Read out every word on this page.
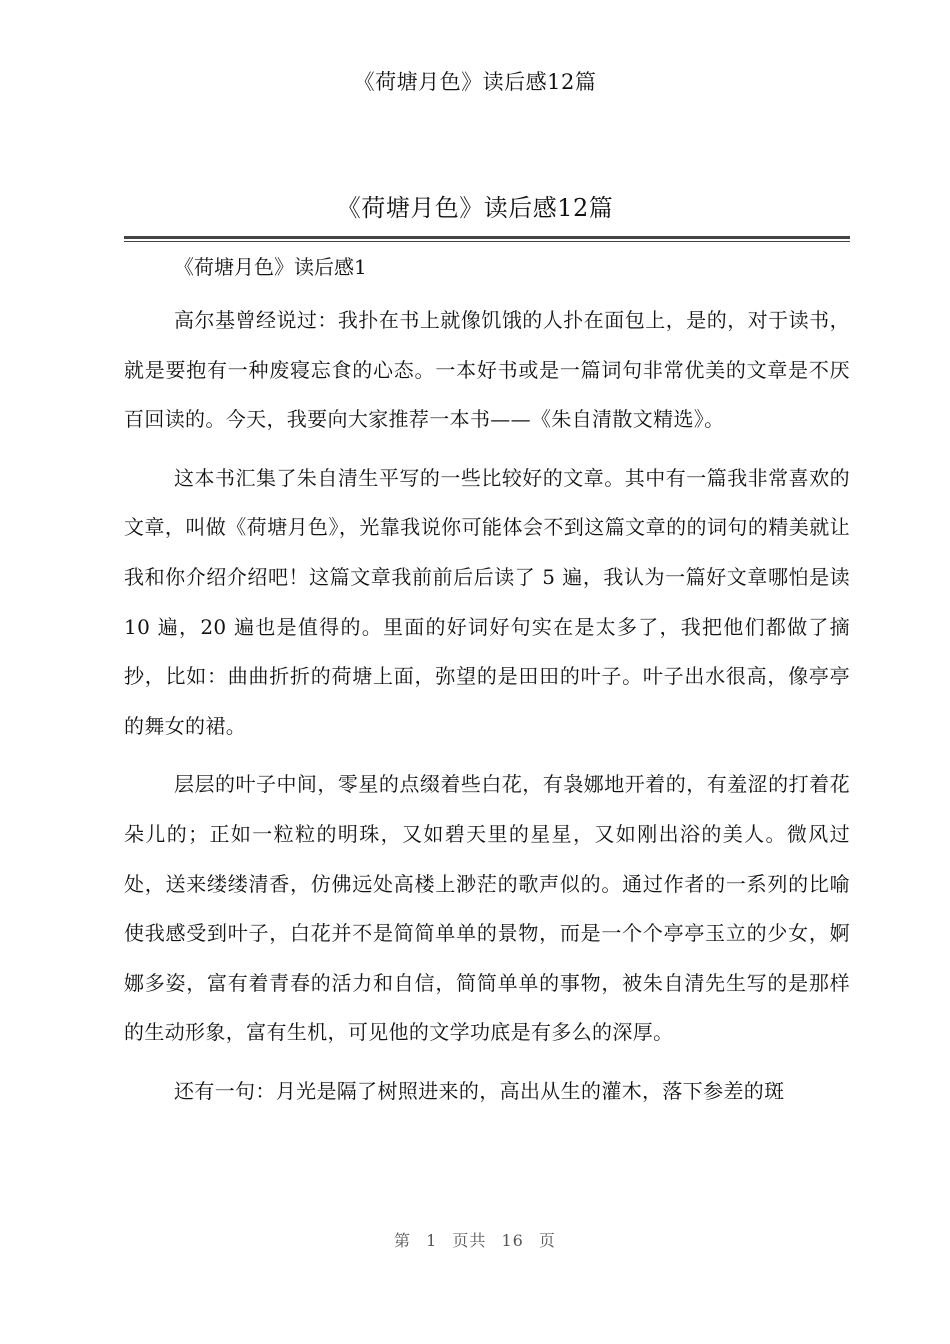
《荷塘月色》读后感12篇
《荷塘月色》读后感12篇

《荷塘月色》读后感1

高尔基曾经说过：我扑在书上就像饥饿的人扑在面包上，是的，对于读书，就是要抱有一种废寝忘食的心态。一本好书或是一篇词句非常优美的文章是不厌百回读的。今天，我要向大家推荐一本书——《朱自清散文精选》。

这本书汇集了朱自清生平写的一些比较好的文章。其中有一篇我非常喜欢的文章，叫做《荷塘月色》，光靠我说你可能体会不到这篇文章的的词句的精美就让我和你介绍介绍吧！这篇文章我前前后后读了 5 遍，我认为一篇好文章哪怕是读 10 遍，20 遍也是值得的。里面的好词好句实在是太多了，我把他们都做了摘抄，比如：曲曲折折的荷塘上面，弥望的是田田的叶子。叶子出水很高，像亭亭的舞女的裙。

层层的叶子中间，零星的点缀着些白花，有袅娜地开着的，有羞涩的打着花朵儿的；正如一粒粒的明珠，又如碧天里的星星，又如刚出浴的美人。微风过处，送来缕缕清香，仿佛远处高楼上渺茫的歌声似的。通过作者的一系列的比喻使我感受到叶子，白花并不是简简单单的景物，而是一个个亭亭玉立的少女，婀娜多姿，富有着青春的活力和自信，简简单单的事物，被朱自清先生写的是那样的生动形象，富有生机，可见他的文学功底是有多么的深厚。

还有一句：月光是隔了树照进来的，高出从生的灌木，落下参差的斑

第 1 页共 16 页
